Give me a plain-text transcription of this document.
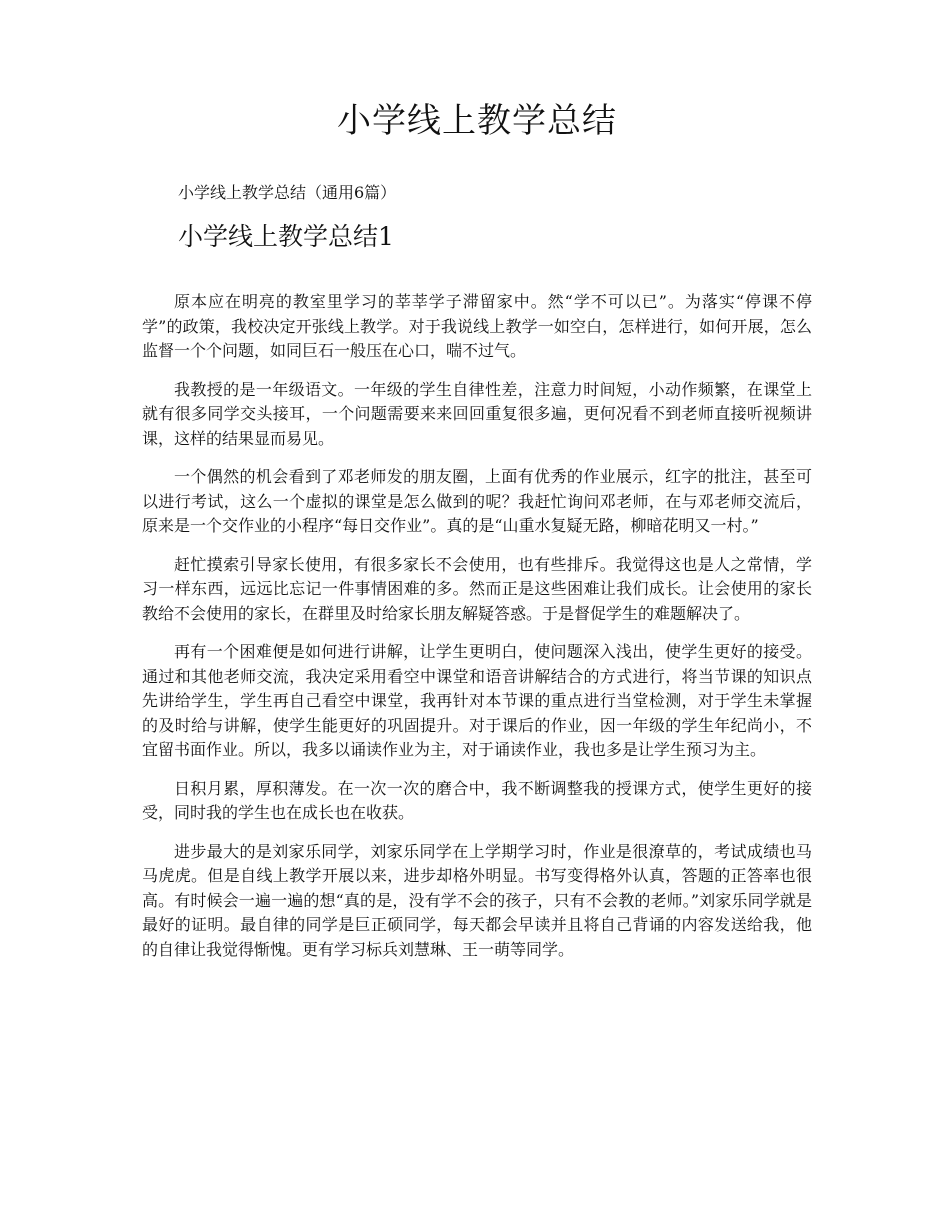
小学线上教学总结
小学线上教学总结（通用6篇）
小学线上教学总结1

原本应在明亮的教室里学习的莘莘学子滞留家中。然“学不可以已”。为落实“停课不停学”的政策，我校决定开张线上教学。对于我说线上教学一如空白，怎样进行，如何开展，怎么监督一个个问题，如同巨石一般压在心口，喘不过气。

我教授的是一年级语文。一年级的学生自律性差，注意力时间短，小动作频繁，在课堂上就有很多同学交头接耳，一个问题需要来来回回重复很多遍，更何况看不到老师直接听视频讲课，这样的结果显而易见。

一个偶然的机会看到了邓老师发的朋友圈，上面有优秀的作业展示，红字的批注，甚至可以进行考试，这么一个虚拟的课堂是怎么做到的呢？我赶忙询问邓老师，在与邓老师交流后，原来是一个交作业的小程序“每日交作业”。真的是“山重水复疑无路，柳暗花明又一村。”

赶忙摸索引导家长使用，有很多家长不会使用，也有些排斥。我觉得这也是人之常情，学习一样东西，远远比忘记一件事情困难的多。然而正是这些困难让我们成长。让会使用的家长教给不会使用的家长，在群里及时给家长朋友解疑答惑。于是督促学生的难题解决了。

再有一个困难便是如何进行讲解，让学生更明白，使问题深入浅出，使学生更好的接受。通过和其他老师交流，我决定采用看空中课堂和语音讲解结合的方式进行，将当节课的知识点先讲给学生，学生再自己看空中课堂，我再针对本节课的重点进行当堂检测，对于学生未掌握的及时给与讲解，使学生能更好的巩固提升。对于课后的作业，因一年级的学生年纪尚小，不宜留书面作业。所以，我多以诵读作业为主，对于诵读作业，我也多是让学生预习为主。

日积月累，厚积薄发。在一次一次的磨合中，我不断调整我的授课方式，使学生更好的接受，同时我的学生也在成长也在收获。

进步最大的是刘家乐同学，刘家乐同学在上学期学习时，作业是很潦草的，考试成绩也马马虎虎。但是自线上教学开展以来，进步却格外明显。书写变得格外认真，答题的正答率也很高。有时候会一遍一遍的想“真的是，没有学不会的孩子，只有不会教的老师。”刘家乐同学就是最好的证明。最自律的同学是巨正硕同学，每天都会早读并且将自己背诵的内容发送给我，他的自律让我觉得惭愧。更有学习标兵刘慧琳、王一萌等同学。
